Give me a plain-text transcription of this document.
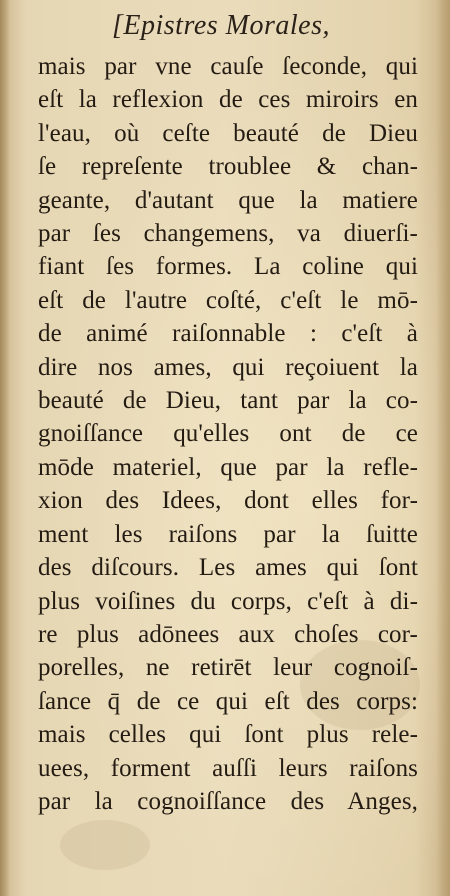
[Epistres Morales,
mais par vne cauſe ſeconde, qui
eſt la reflexion de ces miroirs en
l'eau, où ceſte beauté de Dieu
ſe repreſente troublee & chan-
geante, d'autant que la matiere
par ſes changemens, va diuerſi-
fiant ſes formes. La coline qui
eſt de l'autre coſté, c'eſt le mō-
de animé raiſonnable : c'eſt à
dire nos ames, qui reçoiuent la
beauté de Dieu, tant par la co-
gnoiſſance qu'elles ont de ce
mōde materiel, que par la refle-
xion des Idees, dont elles for-
ment les raiſons par la ſuitte
des diſcours. Les ames qui ſont
plus voiſines du corps, c'eſt à di-
re plus adōnees aux choſes cor-
porelles, ne retirēt leur cognoiſ-
ſance q̄ de ce qui eſt des corps:
mais celles qui ſont plus rele-
uees, forment auſſi leurs raiſons
par la cognoiſſance des Anges,
